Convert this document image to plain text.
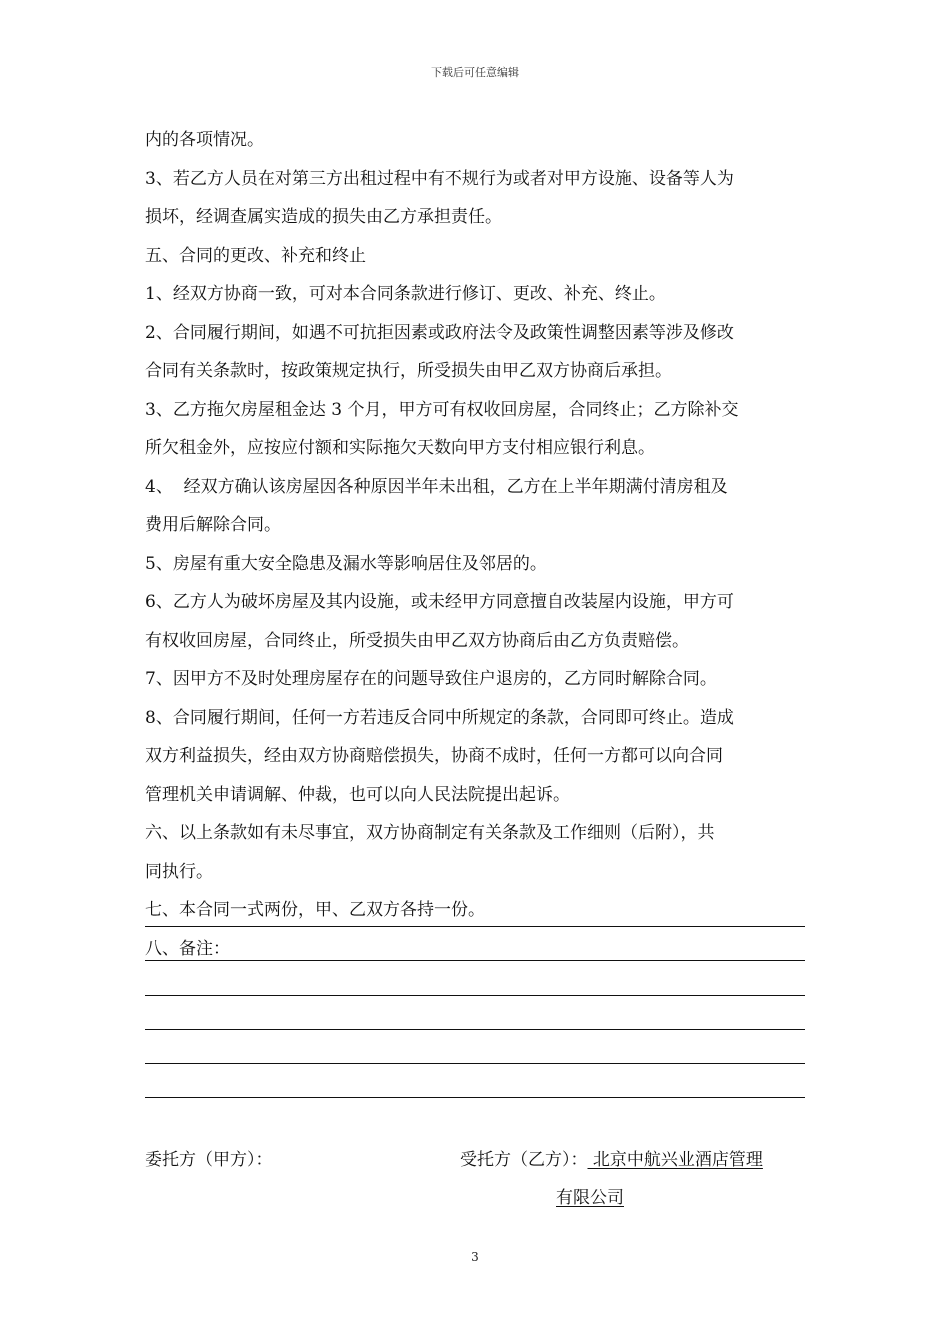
下载后可任意编辑
内的各项情况。
3、若乙方人员在对第三方出租过程中有不规行为或者对甲方设施、设备等人为
损坏，经调查属实造成的损失由乙方承担责任。
五、合同的更改、补充和终止
1、经双方协商一致，可对本合同条款进行修订、更改、补充、终止。
2、合同履行期间，如遇不可抗拒因素或政府法令及政策性调整因素等涉及修改
合同有关条款时，按政策规定执行，所受损失由甲乙双方协商后承担。
3、乙方拖欠房屋租金达 3 个月，甲方可有权收回房屋，合同终止；乙方除补交
所欠租金外，应按应付额和实际拖欠天数向甲方支付相应银行利息。
4、  经双方确认该房屋因各种原因半年未出租，乙方在上半年期满付清房租及
费用后解除合同。
5、房屋有重大安全隐患及漏水等影响居住及邻居的。
6、乙方人为破坏房屋及其内设施，或未经甲方同意擅自改装屋内设施，甲方可
有权收回房屋，合同终止，所受损失由甲乙双方协商后由乙方负责赔偿。
7、因甲方不及时处理房屋存在的问题导致住户退房的，乙方同时解除合同。
8、合同履行期间，任何一方若违反合同中所规定的条款，合同即可终止。造成
双方利益损失，经由双方协商赔偿损失，协商不成时，任何一方都可以向合同
管理机关申请调解、仲裁，也可以向人民法院提出起诉。
六、以上条款如有未尽事宜，双方协商制定有关条款及工作细则（后附），共
同执行。
七、本合同一式两份，甲、乙双方各持一份。
八、备注：
委托方（甲方）：	受托方（乙方）： 北京中航兴业酒店管理
有限公司
3
